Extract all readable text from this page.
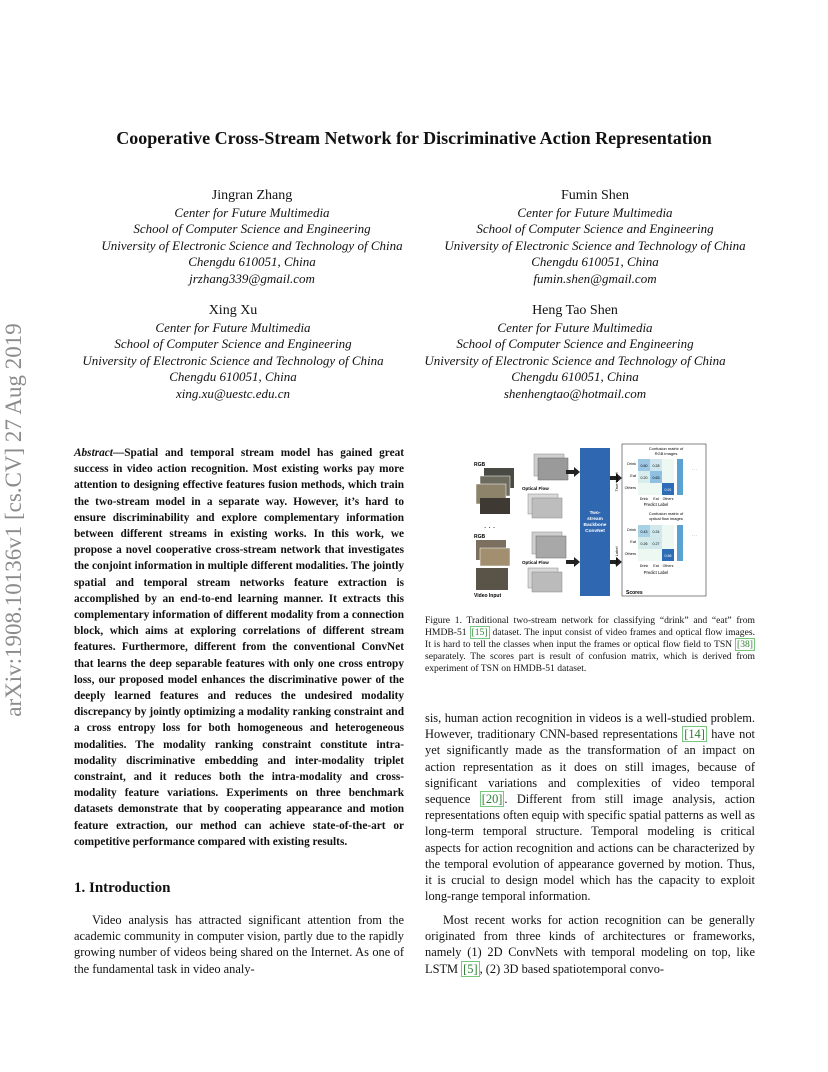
arXiv:1908.10136v1 [cs.CV] 27 Aug 2019
Cooperative Cross-Stream Network for Discriminative Action Representation
Jingran Zhang
Center for Future Multimedia
School of Computer Science and Engineering
University of Electronic Science and Technology of China
Chengdu 610051, China
jrzhang339@gmail.com
Fumin Shen
Center for Future Multimedia
School of Computer Science and Engineering
University of Electronic Science and Technology of China
Chengdu 610051, China
fumin.shen@gmail.com
Xing Xu
Center for Future Multimedia
School of Computer Science and Engineering
University of Electronic Science and Technology of China
Chengdu 610051, China
xing.xu@uestc.edu.cn
Heng Tao Shen
Center for Future Multimedia
School of Computer Science and Engineering
University of Electronic Science and Technology of China
Chengdu 610051, China
shenhengtao@hotmail.com
Abstract—Spatial and temporal stream model has gained great success in video action recognition. Most existing works pay more attention to designing effective features fusion methods, which train the two-stream model in a separate way. However, it’s hard to ensure discriminability and explore complementary information between different streams in existing works. In this work, we propose a novel cooperative cross-stream network that investigates the conjoint information in multiple different modalities. The jointly spatial and temporal stream networks feature extraction is accomplished by an end-to-end learning manner. It extracts this complementary information of different modality from a connection block, which aims at exploring correlations of different stream features. Furthermore, different from the conventional ConvNet that learns the deep separable features with only one cross entropy loss, our proposed model enhances the discriminative power of the deeply learned features and reduces the undesired modality discrepancy by jointly optimizing a modality ranking constraint and a cross entropy loss for both homogeneous and heterogeneous modalities. The modality ranking constraint constitute intra-modality discriminative embedding and inter-modality triplet constraint, and it reduces both the intra-modality and cross-modality feature variations. Experiments on three benchmark datasets demonstrate that by cooperating appearance and motion feature extraction, our method can achieve state-of-the-art or competitive performance compared with existing results.
1. Introduction
Video analysis has attracted significant attention from the academic community in computer vision, partly due to the rapidly growing number of videos being shared on the Internet. As one of the fundamental task in video analy-
RGB
Optical Flow
. . .
RGB
Optical Flow
Video Input
Two-
stream
Backbone
ConvNet
Confusion matrix of
RGB images
True Label
Drink
Eat
Others
0.60 0.28
0.20 0.63
0.91
. . .
Drink Eat Others
Predict Label
Confusion matrix of
optical flow images
True Label
Drink
Eat
Others
0.43 0.24
0.26 0.27
0.86
. . .
Drink Eat Others
Predict Label
Scores
Figure 1. Traditional two-stream network for classifying “drink” and “eat” from HMDB-51 [15] dataset. The input consist of video frames and optical flow images. It is hard to tell the classes when input the frames or optical flow field to TSN [38] separately. The scores part is result of confusion matrix, which is derived from experiment of TSN on HMDB-51 dataset.
sis, human action recognition in videos is a well-studied problem. However, traditionary CNN-based representations [14] have not yet significantly made as the transformation of an impact on action representation as it does on still images, because of significant variations and complexities of video temporal sequence [20] . Different from still image analysis, action representations often equip with specific spatial patterns as well as long-term temporal structure. Temporal modeling is critical aspects for action recognition and actions can be characterized by the temporal evolution of appearance governed by motion. Thus, it is crucial to design model which has the capacity to exploit long-range temporal information.
Most recent works for action recognition can be generally originated from three kinds of architectures or frameworks, namely (1) 2D ConvNets with temporal modeling on top, like LSTM [5] , (2) 3D based spatiotemporal convo-
